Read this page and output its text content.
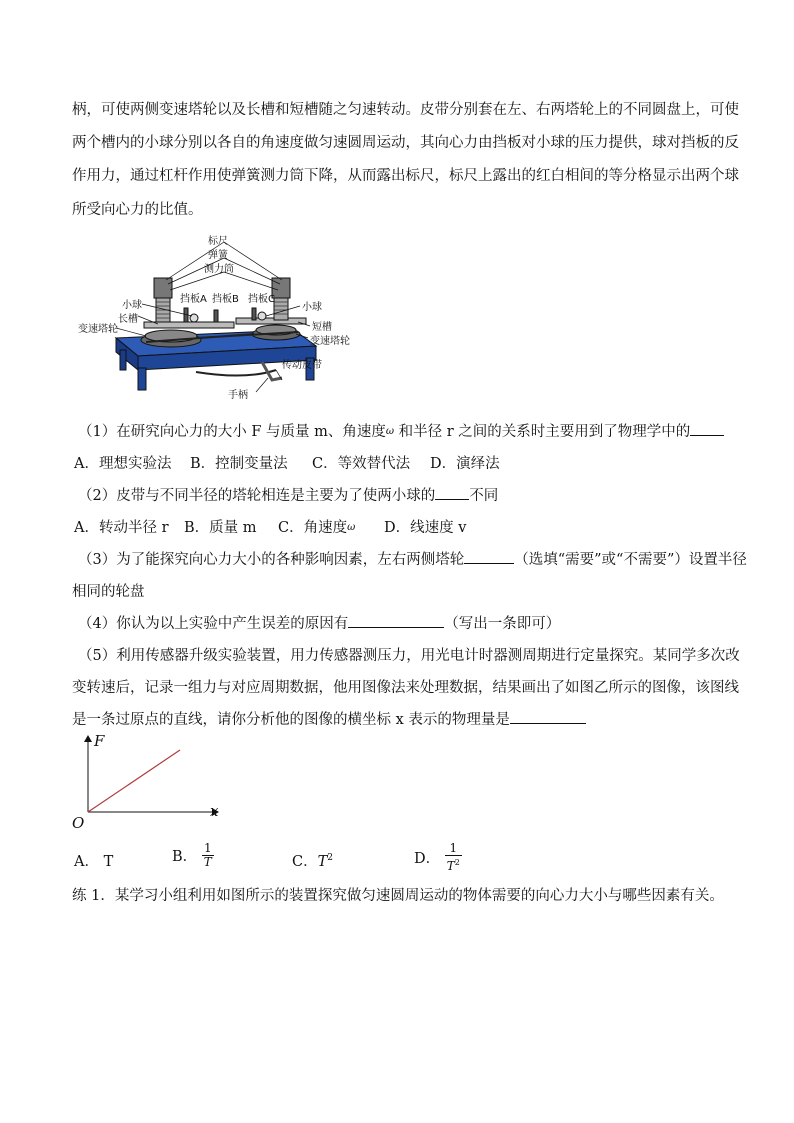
柄，可使两侧变速塔轮以及长槽和短槽随之匀速转动。皮带分别套在左、右两塔轮上的不同圆盘上，可使
两个槽内的小球分别以各自的角速度做匀速圆周运动，其向心力由挡板对小球的压力提供，球对挡板的反
作用力，通过杠杆作用使弹簧测力筒下降，从而露出标尺，标尺上露出的红白相间的等分格显示出两个球
所受向心力的比值。
标尺
弹簧
测力筒
小球
挡板A 挡板B 挡板C
小球
长槽
短槽
变速塔轮
变速塔轮
手柄
传动皮带
（1）在研究向心力的大小 F 与质量 m、角速度ω 和半径 r 之间的关系时主要用到了物理学中的
A．理想实验法 B．控制变量法 C．等效替代法 D．演绎法
（2）皮带与不同半径的塔轮相连是主要为了使两小球的 不同
A．转动半径 r B．质量 m C．角速度ω D．线速度 v
（3）为了能探究向心力大小的各种影响因素，左右两侧塔轮	（选填“需要”或“不需要”）设置半径
相同的轮盘
（4）你认为以上实验中产生误差的原因有	（写出一条即可）
（5）利用传感器升级实验装置，用力传感器测压力，用光电计时器测周期进行定量探究。某同学多次改
变转速后，记录一组力与对应周期数据，他用图像法来处理数据，结果画出了如图乙所示的图像，该图线
是一条过原点的直线，请你分析他的图像的横坐标 x 表示的物理量是
F
x
O
A． T	B． $\frac{1}{T}$	C．$T^2$	D． $\frac{1}{T^2}$
练 1．某学习小组利用如图所示的装置探究做匀速圆周运动的物体需要的向心力大小与哪些因素有关。
